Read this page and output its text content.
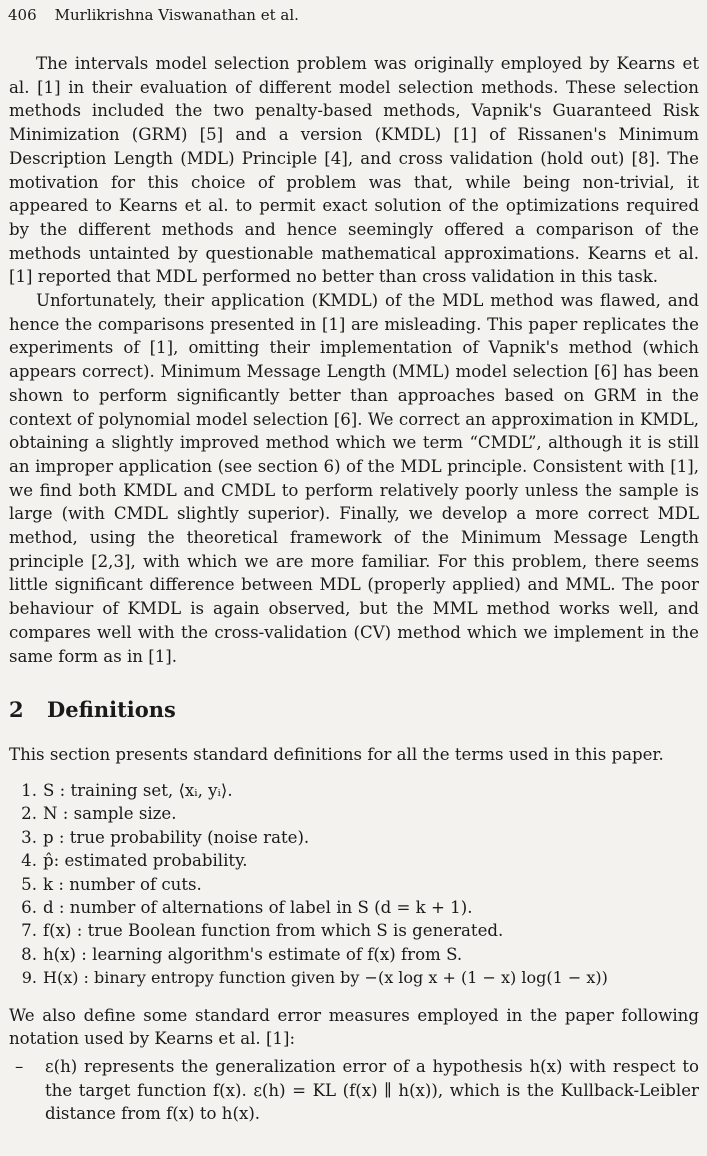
406 Murlikrishna Viswanathan et al.

The intervals model selection problem was originally employed by Kearns et al. [1] in their evaluation of different model selection methods. These selection methods included the two penalty-based methods, Vapnik's Guaranteed Risk Minimization (GRM) [5] and a version (KMDL) [1] of Rissanen's Minimum Description Length (MDL) Principle [4], and cross validation (hold out) [8]. The motivation for this choice of problem was that, while being non-trivial, it appeared to Kearns et al. to permit exact solution of the optimizations required by the different methods and hence seemingly offered a comparison of the methods untainted by questionable mathematical approximations. Kearns et al. [1] reported that MDL performed no better than cross validation in this task.

Unfortunately, their application (KMDL) of the MDL method was flawed, and hence the comparisons presented in [1] are misleading. This paper replicates the experiments of [1], omitting their implementation of Vapnik's method (which appears correct). Minimum Message Length (MML) model selection [6] has been shown to perform significantly better than approaches based on GRM in the context of polynomial model selection [6]. We correct an approximation in KMDL, obtaining a slightly improved method which we term “CMDL”, although it is still an improper application (see section 6) of the MDL principle. Consistent with [1], we find both KMDL and CMDL to perform relatively poorly unless the sample is large (with CMDL slightly superior). Finally, we develop a more correct MDL method, using the theoretical framework of the Minimum Message Length principle [2,3], with which we are more familiar. For this problem, there seems little significant difference between MDL (properly applied) and MML. The poor behaviour of KMDL is again observed, but the MML method works well, and compares well with the cross-validation (CV) method which we implement in the same form as in [1].

2 Definitions

This section presents standard definitions for all the terms used in this paper.

1. S : training set, ⟨xᵢ, yᵢ⟩.
2. N : sample size.
3. p : true probability (noise rate).
4. p̂: estimated probability.
5. k : number of cuts.
6. d : number of alternations of label in S (d = k + 1).
7. f(x) : true Boolean function from which S is generated.
8. h(x) : learning algorithm's estimate of f(x) from S.
9. H(x) : binary entropy function given by −(x log x + (1 − x) log(1 − x))

We also define some standard error measures employed in the paper following notation used by Kearns et al. [1]:

–	ε(h) represents the generalization error of a hypothesis h(x) with respect to the target function f(x). ε(h) = KL (f(x) ∥ h(x)), which is the Kullback-Leibler distance from f(x) to h(x).
